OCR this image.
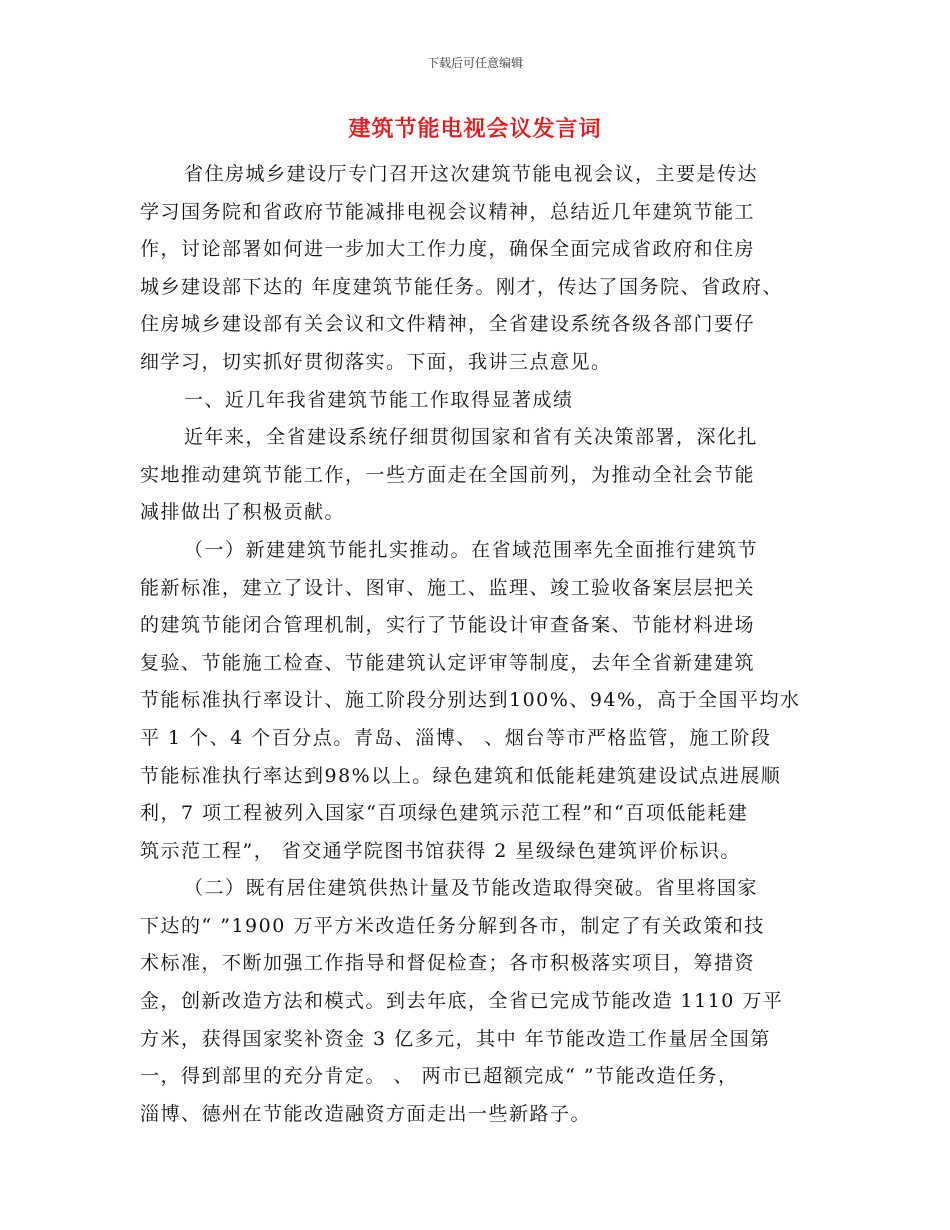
下载后可任意编辑
建筑节能电视会议发言词
省住房城乡建设厅专门召开这次建筑节能电视会议，主要是传达
学习国务院和省政府节能减排电视会议精神，总结近几年建筑节能工
作，讨论部署如何进一步加大工作力度，确保全面完成省政府和住房
城乡建设部下达的 年度建筑节能任务。刚才，传达了国务院、省政府、
住房城乡建设部有关会议和文件精神，全省建设系统各级各部门要仔
细学习，切实抓好贯彻落实。下面，我讲三点意见。
一、近几年我省建筑节能工作取得显著成绩
近年来，全省建设系统仔细贯彻国家和省有关决策部署，深化扎
实地推动建筑节能工作，一些方面走在全国前列，为推动全社会节能
减排做出了积极贡献。
（一）新建建筑节能扎实推动。在省域范围率先全面推行建筑节
能新标准，建立了设计、图审、施工、监理、竣工验收备案层层把关
的建筑节能闭合管理机制，实行了节能设计审查备案、节能材料进场
复验、节能施工检查、节能建筑认定评审等制度，去年全省新建建筑
节能标准执行率设计、施工阶段分别达到100%、94%，高于全国平均水
平 1 个、4 个百分点。青岛、淄博、 、烟台等市严格监管，施工阶段
节能标准执行率达到98%以上。绿色建筑和低能耗建筑建设试点进展顺
利，7 项工程被列入国家“百项绿色建筑示范工程”和“百项低能耗建
筑示范工程”， 省交通学院图书馆获得 2 星级绿色建筑评价标识。
（二）既有居住建筑供热计量及节能改造取得突破。省里将国家
下达的“ ”1900 万平方米改造任务分解到各市，制定了有关政策和技
术标准，不断加强工作指导和督促检查；各市积极落实项目，筹措资
金，创新改造方法和模式。到去年底，全省已完成节能改造 1110 万平
方米，获得国家奖补资金 3 亿多元，其中 年节能改造工作量居全国第
一，得到部里的充分肯定。 、 两市已超额完成“ ”节能改造任务，
淄博、德州在节能改造融资方面走出一些新路子。
